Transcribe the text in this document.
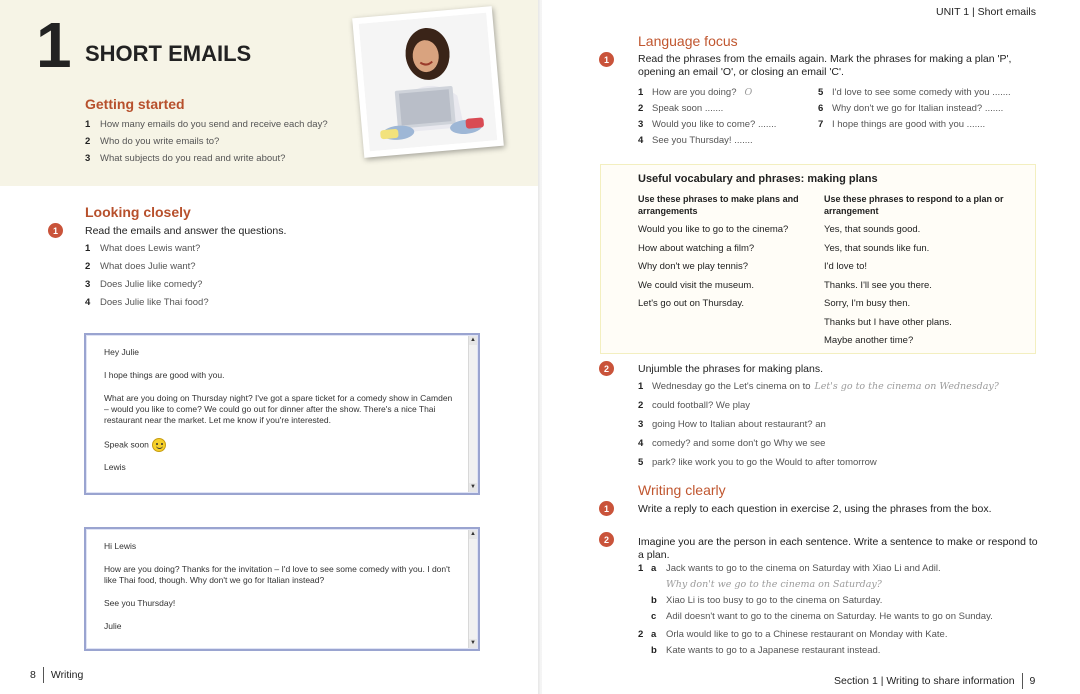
1 SHORT EMAILS
Getting started
1	How many emails do you send and receive each day?
2	Who do you write emails to?
3	What subjects do you read and write about?
Looking closely
1	Read the emails and answer the questions.
1	What does Lewis want?
2	What does Julie want?
3	Does Julie like comedy?
4	Does Julie like Thai food?

Hey Julie

I hope things are good with you.

What are you doing on Thursday night? I've got a spare ticket for a comedy show in Camden – would you like to come? We could go out for dinner after the show. There's a nice Thai restaurant near the market. Let me know if you're interested.

Speak soon

Lewis

▲
▼

Hi Lewis

How are you doing? Thanks for the invitation – I'd love to see some comedy with you. I don't like Thai food, though. Why don't we go for Italian instead?

See you Thursday!

Julie

▲
▼
8 Writing
UNIT 1 | Short emails
Language focus
1	Read the phrases from the emails again. Mark the phrases for making a plan 'P', opening an email 'O', or closing an email 'C'.
1 How are you doing? O
2 Speak soon .......
3 Would you like to come? .......
4 See you Thursday! .......
5 I'd love to see some comedy with you .......
6 Why don't we go for Italian instead? .......
7 I hope things are good with you .......
Useful vocabulary and phrases: making plans
Use these phrases to make plans and arrangements
Would you like to go to the cinema?
How about watching a film?
Why don't we play tennis?
We could visit the museum.
Let's go out on Thursday.
Use these phrases to respond to a plan or arrangement
Yes, that sounds good.
Yes, that sounds like fun.
I'd love to!
Thanks. I'll see you there.
Sorry, I'm busy then.
Thanks but I have other plans.
Maybe another time?
2	Unjumble the phrases for making plans.
1 Wednesday go the Let's cinema on to Let's go to the cinema on Wednesday?
2 could football? We play
3 going How to Italian about restaurant? an
4 comedy? and some don't go Why we see
5 park? like work you to go the Would to after tomorrow
Writing clearly
1	Write a reply to each question in exercise 2, using the phrases from the box.
2	Imagine you are the person in each sentence. Write a sentence to make or respond to a plan.
1 a	Jack wants to go to the cinema on Saturday with Xiao Li and Adil.
Why don't we go to the cinema on Saturday?
b Xiao Li is too busy to go to the cinema on Saturday.
c	Adil doesn't want to go to the cinema on Saturday. He wants to go on Sunday.
2 a	Orla would like to go to a Chinese restaurant on Monday with Kate.
b Kate wants to go to a Japanese restaurant instead.
Section 1 | Writing to share information 9
